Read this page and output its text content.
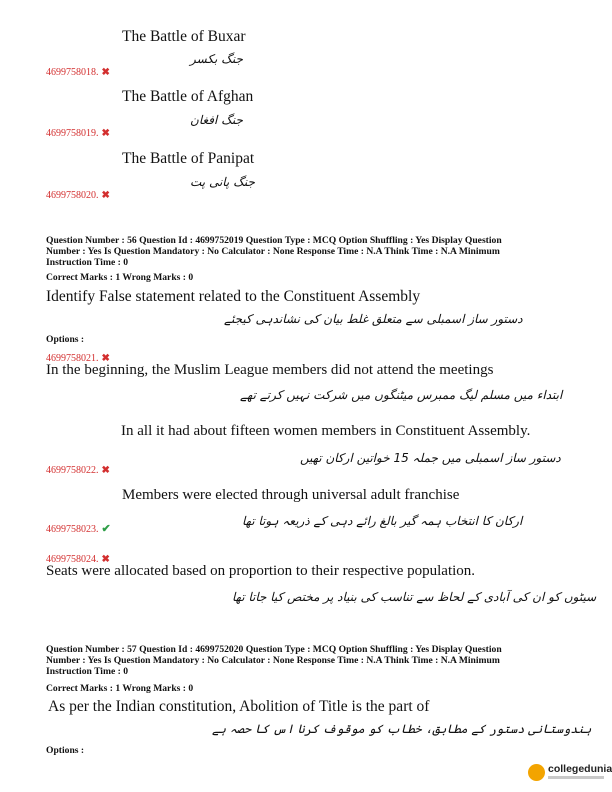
The Battle of Buxar
جنگ بکسر
4699758018. ✖
The Battle of Afghan
جنگ افغان
4699758019. ✖
The Battle of Panipat
جنگ پانی پت
4699758020. ✖
Question Number : 56 Question Id : 4699752019 Question Type : MCQ Option Shuffling : Yes Display Question
Number : Yes Is Question Mandatory : No Calculator : None Response Time : N.A Think Time : N.A Minimum
Instruction Time : 0
Correct Marks : 1 Wrong Marks : 0
Identify False statement related to the Constituent Assembly
دستور ساز اسمبلی سے متعلق غلط بیان کی نشاندہی کیجئے
Options :
4699758021. ✖
In the beginning, the Muslim League members did not attend the meetings
ابتداء میں مسلم لیگ ممبرس میٹنگوں میں شرکت نہیں کرتے تھے
In all it had about fifteen women members in Constituent Assembly.
دستور ساز اسمبلی میں جملہ 15 خواتین ارکان تھیں
4699758022. ✖
Members were elected through universal adult franchise
ارکان کا انتخاب ہمہ گیر بالغ رائے دہی کے ذریعہ ہوتا تھا
4699758023. ✔
4699758024. ✖
Seats were allocated based on proportion to their respective population.
سیٹوں کو ان کی آبادی کے لحاظ سے تناسب کی بنیاد پر مختص کیا جاتا تھا
Question Number : 57 Question Id : 4699752020 Question Type : MCQ Option Shuffling : Yes Display Question
Number : Yes Is Question Mandatory : No Calculator : None Response Time : N.A Think Time : N.A Minimum
Instruction Time : 0
Correct Marks : 1 Wrong Marks : 0
As per the Indian constitution, Abolition of Title is the part of
ہندوستانی دستور کے مطابق، خطاب کو موقوف کرنا اس کا حصہ ہے
Options :
collegedunia
